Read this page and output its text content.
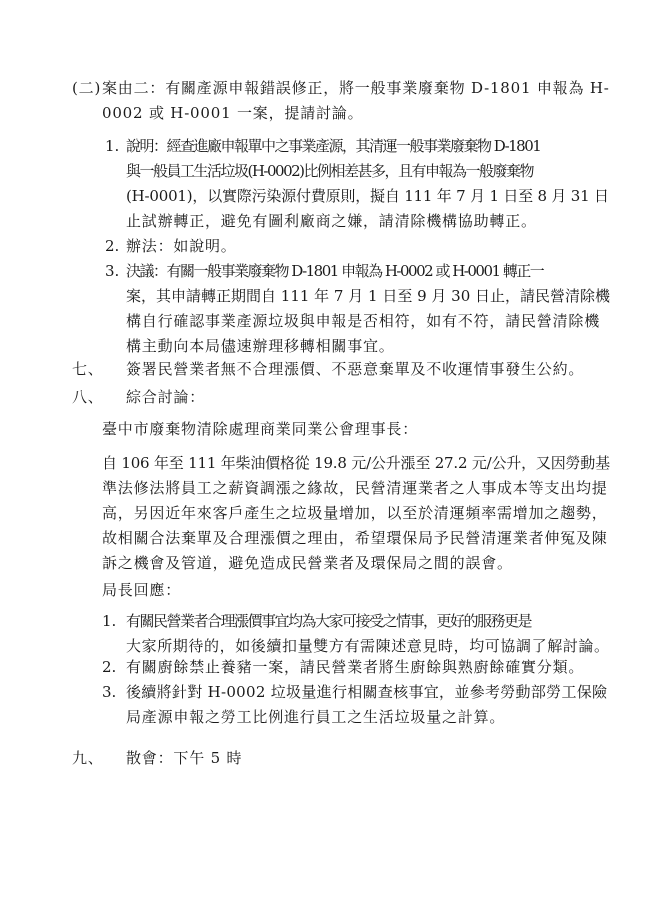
(二) 案由二：有關產源申報錯誤修正，將一般事業廢棄物 D-1801 申報為 H-
0002 或 H-0001 一案，提請討論。
1. 說明：經查進廠申報單中之事業產源，其清運一般事業廢棄物 D-1801
與一般員工生活垃圾(H-0002)比例相差甚多，且有申報為一般廢棄物
(H-0001)，以實際污染源付費原則，擬自 111 年 7 月 1 日至 8 月 31 日
止試辦轉正，避免有圖利廠商之嫌，請清除機構協助轉正。
2. 辦法：如說明。
3. 決議：有關一般事業廢棄物 D-1801 申報為 H-0002 或 H-0001 轉正一
案，其申請轉正期間自 111 年 7 月 1 日至 9 月 30 日止，請民營清除機
構自行確認事業產源垃圾與申報是否相符，如有不符，請民營清除機
構主動向本局儘速辦理移轉相關事宜。
七、 簽署民營業者無不合理漲價、不惡意棄單及不收運情事發生公約。
八、 綜合討論：
臺中市廢棄物清除處理商業同業公會理事長：
自 106 年至 111 年柴油價格從 19.8 元/公升漲至 27.2 元/公升，又因勞動基
準法修法將員工之薪資調漲之緣故，民營清運業者之人事成本等支出均提
高，另因近年來客戶產生之垃圾量增加，以至於清運頻率需增加之趨勢，
故相關合法棄單及合理漲價之理由，希望環保局予民營清運業者伸冤及陳
訴之機會及管道，避免造成民營業者及環保局之間的誤會。
局長回應：
1. 有關民營業者合理漲價事宜均為大家可接受之情事，更好的服務更是
大家所期待的，如後續扣量雙方有需陳述意見時，均可協調了解討論。
2. 有關廚餘禁止養豬一案，請民營業者將生廚餘與熟廚餘確實分類。
3. 後續將針對 H-0002 垃圾量進行相關查核事宜，並參考勞動部勞工保險
局產源申報之勞工比例進行員工之生活垃圾量之計算。
九、 散會：下午 5 時
